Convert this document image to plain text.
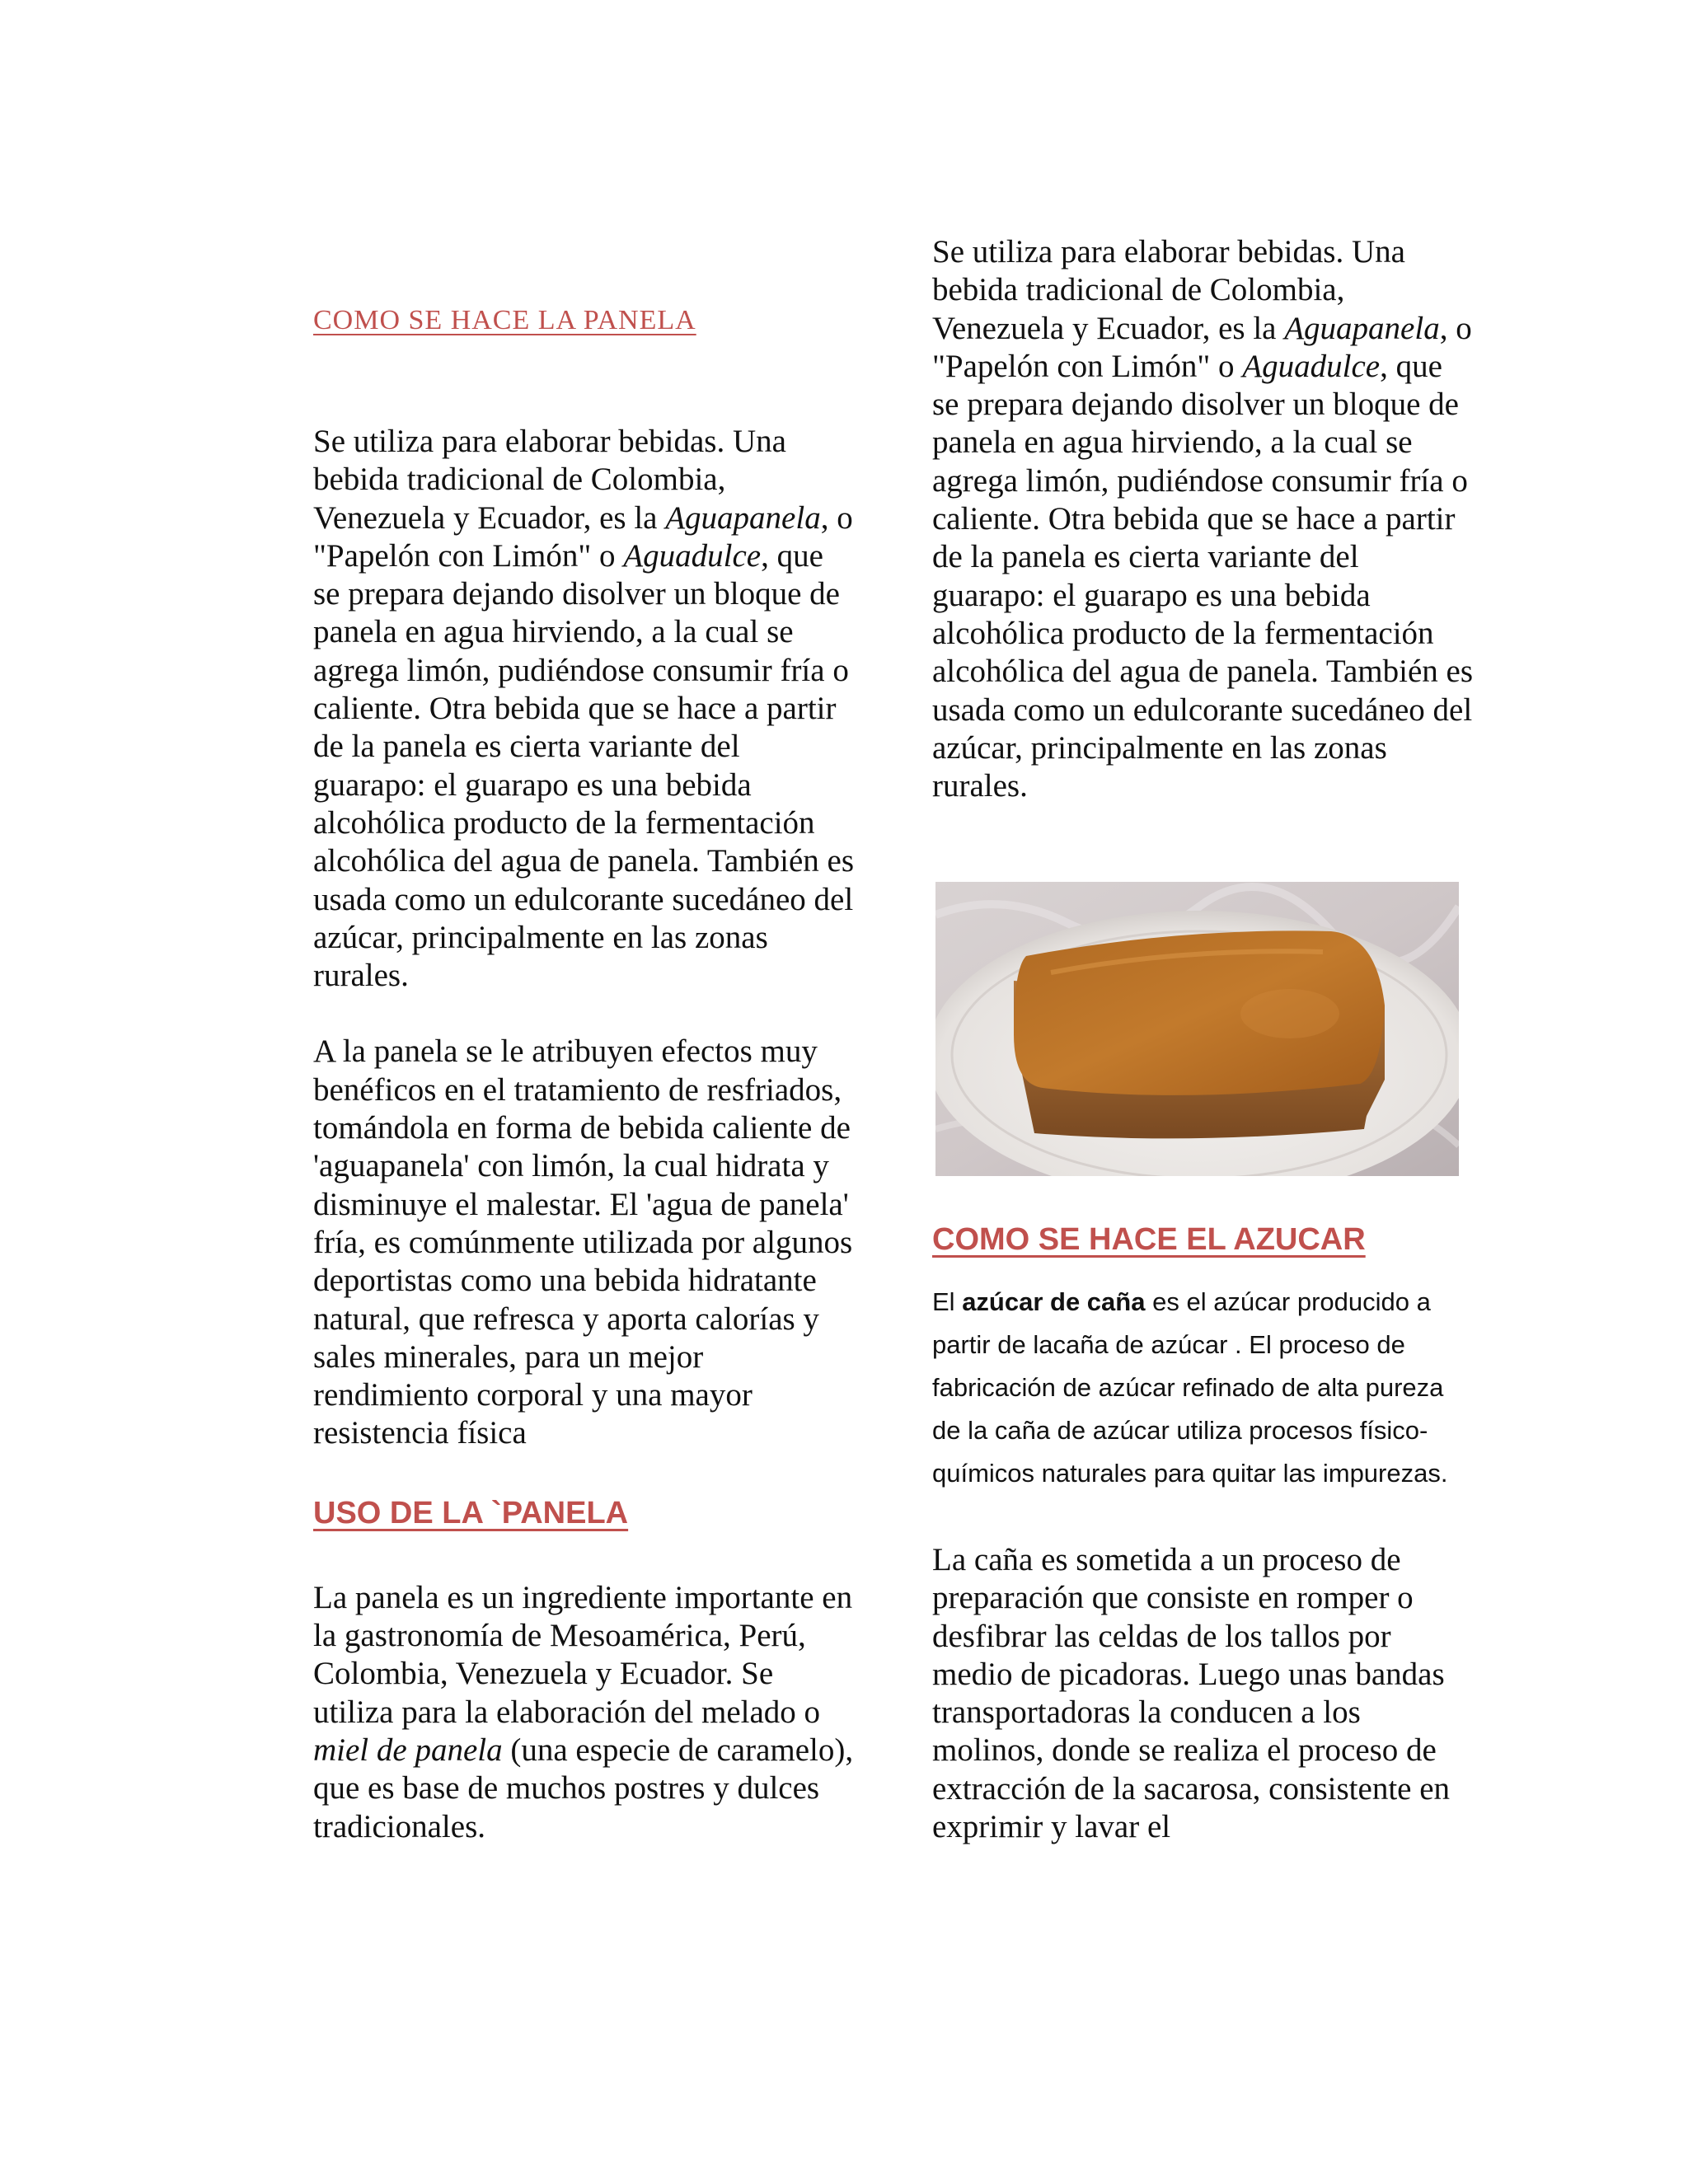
COMO SE HACE LA PANELA

Se utiliza para elaborar bebidas. Una bebida tradicional de Colombia, Venezuela y Ecuador, es la Aguapanela, o "Papelón con Limón" o Aguadulce, que se prepara dejando disolver un bloque de panela en agua hirviendo, a la cual se agrega limón, pudiéndose consumir fría o caliente. Otra bebida que se hace a partir de la panela es cierta variante del guarapo: el guarapo es una bebida alcohólica producto de la fermentación alcohólica del agua de panela. También es usada como un edulcorante sucedáneo del azúcar, principalmente en las zonas rurales.

A la panela se le atribuyen efectos muy benéficos en el tratamiento de resfriados, tomándola en forma de bebida caliente de 'aguapanela' con limón, la cual hidrata y disminuye el malestar. El 'agua de panela' fría, es comúnmente utilizada por algunos deportistas como una bebida hidratante natural, que refresca y aporta calorías y sales minerales, para un mejor rendimiento corporal y una mayor resistencia física

USO DE LA `PANELA

La panela es un ingrediente importante en la gastronomía de Mesoamérica, Perú, Colombia, Venezuela y Ecuador. Se utiliza para la elaboración del melado o miel de panela (una especie de caramelo), que es base de muchos postres y dulces tradicionales.

Se utiliza para elaborar bebidas. Una bebida tradicional de Colombia, Venezuela y Ecuador, es la Aguapanela, o "Papelón con Limón" o Aguadulce, que se prepara dejando disolver un bloque de panela en agua hirviendo, a la cual se agrega limón, pudiéndose consumir fría o caliente. Otra bebida que se hace a partir de la panela es cierta variante del guarapo: el guarapo es una bebida alcohólica producto de la fermentación alcohólica del agua de panela. También es usada como un edulcorante sucedáneo del azúcar, principalmente en las zonas rurales.

COMO SE HACE EL AZUCAR

El azúcar de caña es el azúcar producido a partir de lacaña de azúcar . El proceso de fabricación de azúcar refinado de alta pureza de la caña de azúcar utiliza procesos físico-químicos naturales para quitar las impurezas.

La caña es sometida a un proceso de preparación que consiste en romper o desfibrar las celdas de los tallos por medio de picadoras. Luego unas bandas transportadoras la conducen a los molinos, donde se realiza el proceso de extracción de la sacarosa, consistente en exprimir y lavar el
